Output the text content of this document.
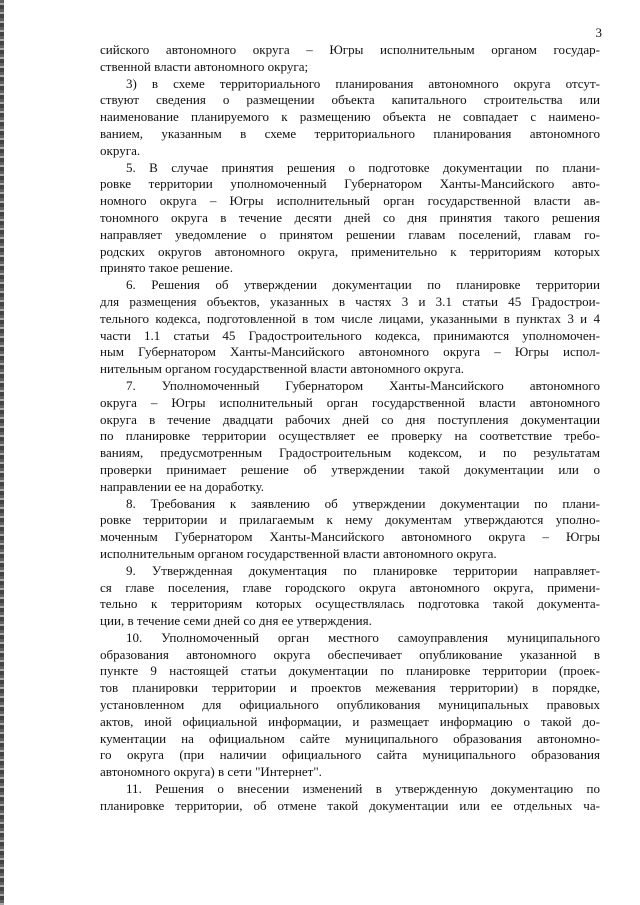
3
сийского автономного округа – Югры исполнительным органом государ-
ственной власти автономного округа;
3) в схеме территориального планирования автономного округа отсут-
ствуют сведения о размещении объекта капитального строительства или
наименование планируемого к размещению объекта не совпадает с наимено-
ванием, указанным в схеме территориального планирования автономного
округа.
5. В случае принятия решения о подготовке документации по плани-
ровке территории уполномоченный Губернатором Ханты-Мансийского авто-
номного округа – Югры исполнительный орган государственной власти ав-
тономного округа в течение десяти дней со дня принятия такого решения
направляет уведомление о принятом решении главам поселений, главам го-
родских округов автономного округа, применительно к территориям которых
принято такое решение.
6. Решения об утверждении документации по планировке территории
для размещения объектов, указанных в частях 3 и 3.1 статьи 45 Градострои-
тельного кодекса, подготовленной в том числе лицами, указанными в пунктах 3 и 4
части 1.1 статьи 45 Градостроительного кодекса, принимаются уполномочен-
ным Губернатором Ханты-Мансийского автономного округа – Югры испол-
нительным органом государственной власти автономного округа.
7. Уполномоченный Губернатором Ханты-Мансийского автономного
округа – Югры исполнительный орган государственной власти автономного
округа в течение двадцати рабочих дней со дня поступления документации
по планировке территории осуществляет ее проверку на соответствие требо-
ваниям, предусмотренным Градостроительным кодексом, и по результатам
проверки принимает решение об утверждении такой документации или о
направлении ее на доработку.
8. Требования к заявлению об утверждении документации по плани-
ровке территории и прилагаемым к нему документам утверждаются уполно-
моченным Губернатором Ханты-Мансийского автономного округа – Югры
исполнительным органом государственной власти автономного округа.
9. Утвержденная документация по планировке территории направляет-
ся главе поселения, главе городского округа автономного округа, примени-
тельно к территориям которых осуществлялась подготовка такой документа-
ции, в течение семи дней со дня ее утверждения.
10. Уполномоченный орган местного самоуправления муниципального
образования автономного округа обеспечивает опубликование указанной в
пункте 9 настоящей статьи документации по планировке территории (проек-
тов планировки территории и проектов межевания территории) в порядке,
установленном для официального опубликования муниципальных правовых
актов, иной официальной информации, и размещает информацию о такой до-
кументации на официальном сайте муниципального образования автономно-
го округа (при наличии официального сайта муниципального образования
автономного округа) в сети "Интернет".
11. Решения о внесении изменений в утвержденную документацию по
планировке территории, об отмене такой документации или ее отдельных ча-
